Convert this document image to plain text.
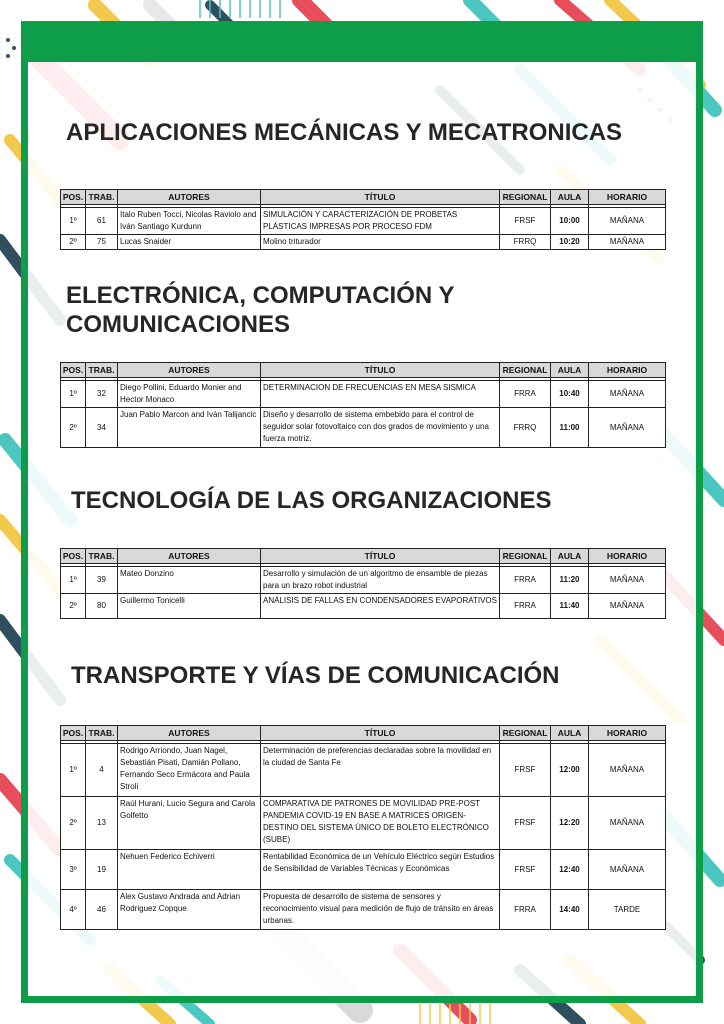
APLICACIONES MECÁNICAS Y MECATRONICAS
POS.	TRAB.	AUTORES	TÍTULO	REGIONAL	AULA	HORARIO

1º	61	Italo Ruben Tocci, Nicolas Raviolo and Iván Santiago Kurdunn	SIMULACIÓN Y CARACTERIZACIÓN DE PROBETAS PLÁSTICAS IMPRESAS POR PROCESO FDM	FRSF	10:00	MAÑANA
2º	75	Lucas Snaider	Molino triturador	FRRQ	10:20	MAÑANA
ELECTRÓNICA, COMPUTACIÓN Y
COMUNICACIONES
POS.	TRAB.	AUTORES	TÍTULO	REGIONAL	AULA	HORARIO

1º	32	Diego Pollini, Eduardo Monier and Hector Monaco	DETERMINACION DE FRECUENCIAS EN MESA SISMICA	FRRA	10:40	MAÑANA
2º	34	Juan Pablo Marcon and Iván Talijancic	Diseño y desarrollo de sistema embebido para el control de seguidor solar fotovoltaico con dos grados de movimiento y una fuerza motriz.	FRRQ	11:00	MAÑANA
TECNOLOGÍA DE LAS ORGANIZACIONES
POS.	TRAB.	AUTORES	TÍTULO	REGIONAL	AULA	HORARIO

1º	39	Mateo Donzino	Desarrollo y simulación de un algoritmo de ensamble de piezas para un brazo robot industrial	FRRA	11:20	MAÑANA
2º	80	Guillermo Tonicelli	ANÁLISIS DE FALLAS EN CONDENSADORES EVAPORATIVOS	FRRA	11:40	MAÑANA
TRANSPORTE Y VÍAS DE COMUNICACIÓN
POS.	TRAB.	AUTORES	TÍTULO	REGIONAL	AULA	HORARIO

1º	4	Rodrigo Arriondo, Juan Nagel, Sebastián Pisati, Damián Pollano, Fernando Seco Ermácora and Paula Stroli	Determinación de preferencias declaradas sobre la movilidad en la ciudad de Santa Fe	FRSF	12:00	MAÑANA
2º	13	Raúl Hurani, Lucio Segura and Carola Golfetto	COMPARATIVA DE PATRONES DE MOVILIDAD PRE-POST PANDEMIA COVID-19 EN BASE A MATRICES ORIGEN-DESTINO DEL SISTEMA ÚNICO DE BOLETO ELECTRÓNICO (SUBE)	FRSF	12:20	MAÑANA
3º	19	Nehuen Federico Echiverri	Rentabilidad Económica de un Vehículo Eléctrico según Estudios de Sensibilidad de Variables Técnicas y Económicas	FRSF	12:40	MAÑANA
4º	46	Alex Gustavo Andrada and Adrian Rodriguez Copque	Propuesta de desarrollo de sistema de sensores y reconocimiento visual para medición de flujo de tránsito en áreas urbanas.	FRRA	14:40	TARDE
